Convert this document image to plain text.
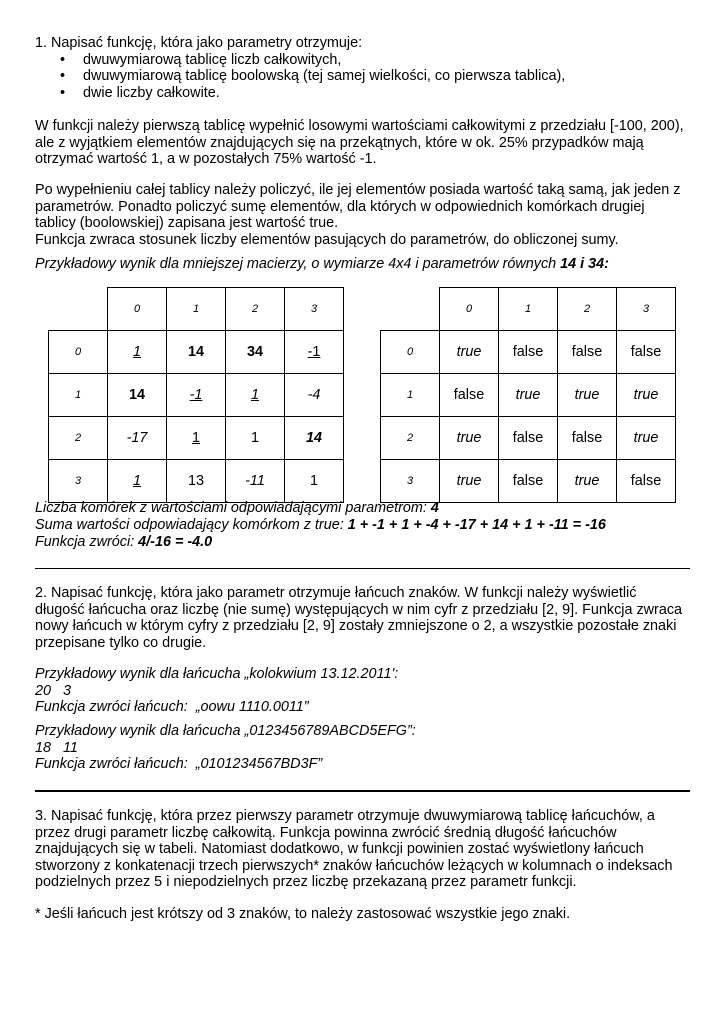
1. Napisać funkcję, która jako parametry otrzymuje:

• dwuwymiarową tablicę liczb całkowitych,
• dwuwymiarową tablicę boolowską (tej samej wielkości, co pierwsza tablica),
• dwie liczby całkowite.

W funkcji należy pierwszą tablicę wypełnić losowymi wartościami całkowitymi z przedziału [-100, 200), ale z wyjątkiem elementów znajdujących się na przekątnych, które w ok. 25% przypadków mają otrzymać wartość 1, a w pozostałych 75% wartość -1.

Po wypełnieniu całej tablicy należy policzyć, ile jej elementów posiada wartość taką samą, jak jeden z parametrów. Ponadto policzyć sumę elementów, dla których w odpowiednich komórkach drugiej tablicy (boolowskiej) zapisana jest wartość true.

Funkcja zwraca stosunek liczby elementów pasujących do parametrów, do obliczonej sumy.

Przykładowy wynik dla mniejszej macierzy, o wymiarze 4x4 i parametrów równych 14 i 34:

	0	1	2	3
0	1	14	34	-1
1	14	-1	1	-4
2	-17	1	1	14
3	1	13	-11	1
	0	1	2	3
0	true	false	false	false
1	false	true	true	true
2	true	false	false	true
3	true	false	true	false

Liczba komórek z wartościami odpowiadającymi parametrom: 4

Suma wartości odpowiadający komórkom z true: 1 + -1 + 1 + -4 + -17 + 14 + 1 + -11 = -16

Funkcja zwróci: 4/-16 = -4.0

2. Napisać funkcję, która jako parametr otrzymuje łańcuch znaków. W funkcji należy wyświetlić długość łańcucha oraz liczbę (nie sumę) występujących w nim cyfr z przedziału [2, 9]. Funkcja zwraca nowy łańcuch w którym cyfry z przedziału [2, 9] zostały zmniejszone o 2, a wszystkie pozostałe znaki przepisane tylko co drugie.

Przykładowy wynik dla łańcucha „kolokwium 13.12.2011':

20   3

Funkcja zwróci łańcuch:  „oowu 1110.0011”

Przykładowy wynik dla łańcucha „0123456789ABCD5EFG”:

18   11

Funkcja zwróci łańcuch:  „0101234567BD3F”

3. Napisać funkcję, która przez pierwszy parametr otrzymuje dwuwymiarową tablicę łańcuchów, a przez drugi parametr liczbę całkowitą. Funkcja powinna zwrócić średnią długość łańcuchów znajdujących się w tabeli. Natomiast dodatkowo, w funkcji powinien zostać wyświetlony łańcuch stworzony z konkatenacji trzech pierwszych* znaków łańcuchów leżących w kolumnach o indeksach podzielnych przez 5 i niepodzielnych przez liczbę przekazaną przez parametr funkcji.

* Jeśli łańcuch jest krótszy od 3 znaków, to należy zastosować wszystkie jego znaki.
